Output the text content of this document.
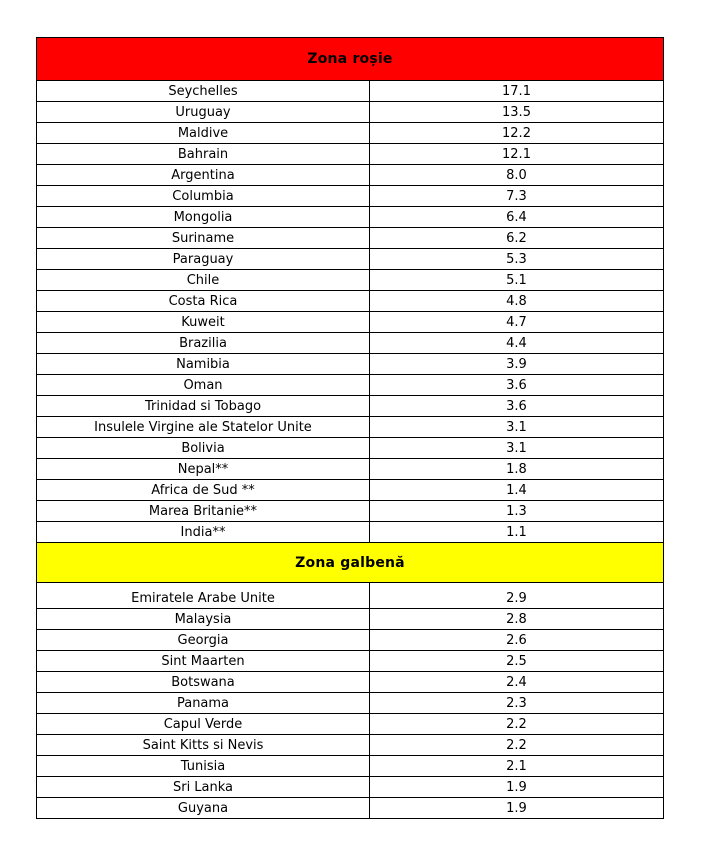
Zona roșie	
Seychelles	17.1
Uruguay	13.5
Maldive	12.2
Bahrain	12.1
Argentina	8.0
Columbia	7.3
Mongolia	6.4
Suriname	6.2
Paraguay	5.3
Chile	5.1
Costa Rica	4.8
Kuweit	4.7
Brazilia	4.4
Namibia	3.9
Oman	3.6
Trinidad si Tobago	3.6
Insulele Virgine ale Statelor Unite	3.1
Bolivia	3.1
Nepal**	1.8
Africa de Sud **	1.4
Marea Britanie**	1.3
India**	1.1
Zona galbenă	
Emiratele Arabe Unite	2.9
Malaysia	2.8
Georgia	2.6
Sint Maarten	2.5
Botswana	2.4
Panama	2.3
Capul Verde	2.2
Saint Kitts si Nevis	2.2
Tunisia	2.1
Sri Lanka	1.9
Guyana	1.9
